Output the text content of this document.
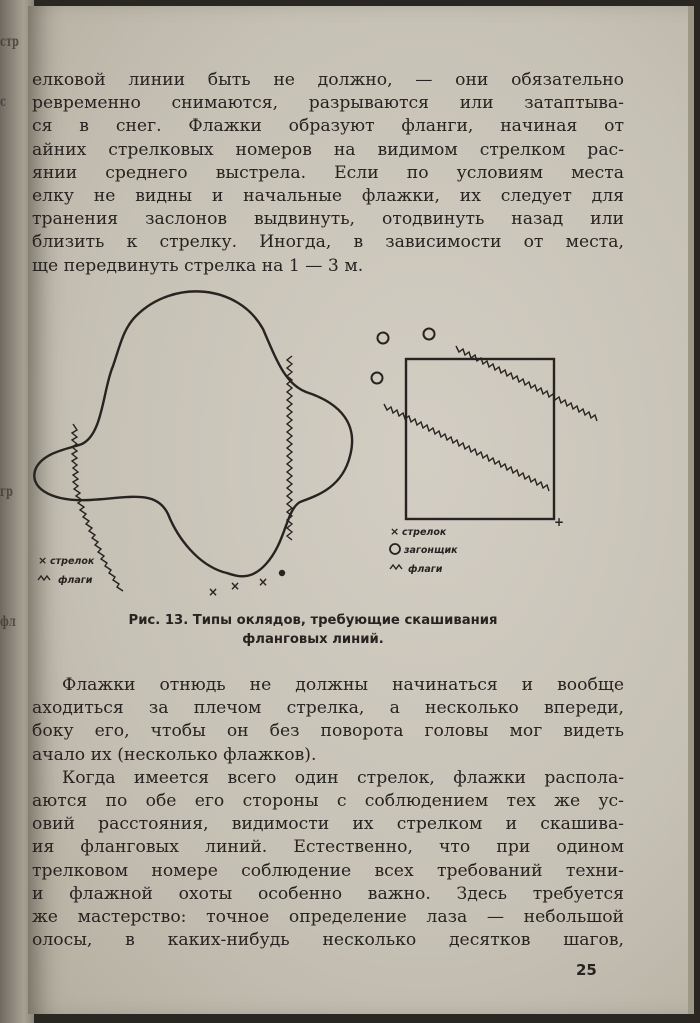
стр
с
гр
фл
елковой линии быть не должно, — они обязательно
ревременно снимаются, разрываются или затаптыва-
ся в снег. Флажки образуют фланги, начиная от
айних стрелковых номеров на видимом стрелком рас-
янии среднего выстрела. Если по условиям места
елку не видны и начальные флажки, их следует для
транения заслонов выдвинуть, отодвинуть назад или
близить к стрелку. Иногда, в зависимости от места,
ще передвинуть стрелка на 1 — 3 м.
× × ×
× стрелок
флаги
+
× стрелок
загонщик
флаги
Рис. 13. Типы оклядов, требующие скашивания
фланговых линий.
Флажки отнюдь не должны начинаться и вообще
аходиться за плечом стрелка, а несколько впереди,
боку его, чтобы он без поворота головы мог видеть
ачало их (несколько флажков).
Когда имеется всего один стрелок, флажки распола-
аются по обе его стороны с соблюдением тех же ус-
овий расстояния, видимости их стрелком и скашива-
ия фланговых линий. Естественно, что при одином
трелковом номере соблюдение всех требований техни-
и флажной охоты особенно важно. Здесь требуется
же мастерство: точное определение лаза — небольшой
олосы, в каких-нибудь несколько десятков шагов,
25
